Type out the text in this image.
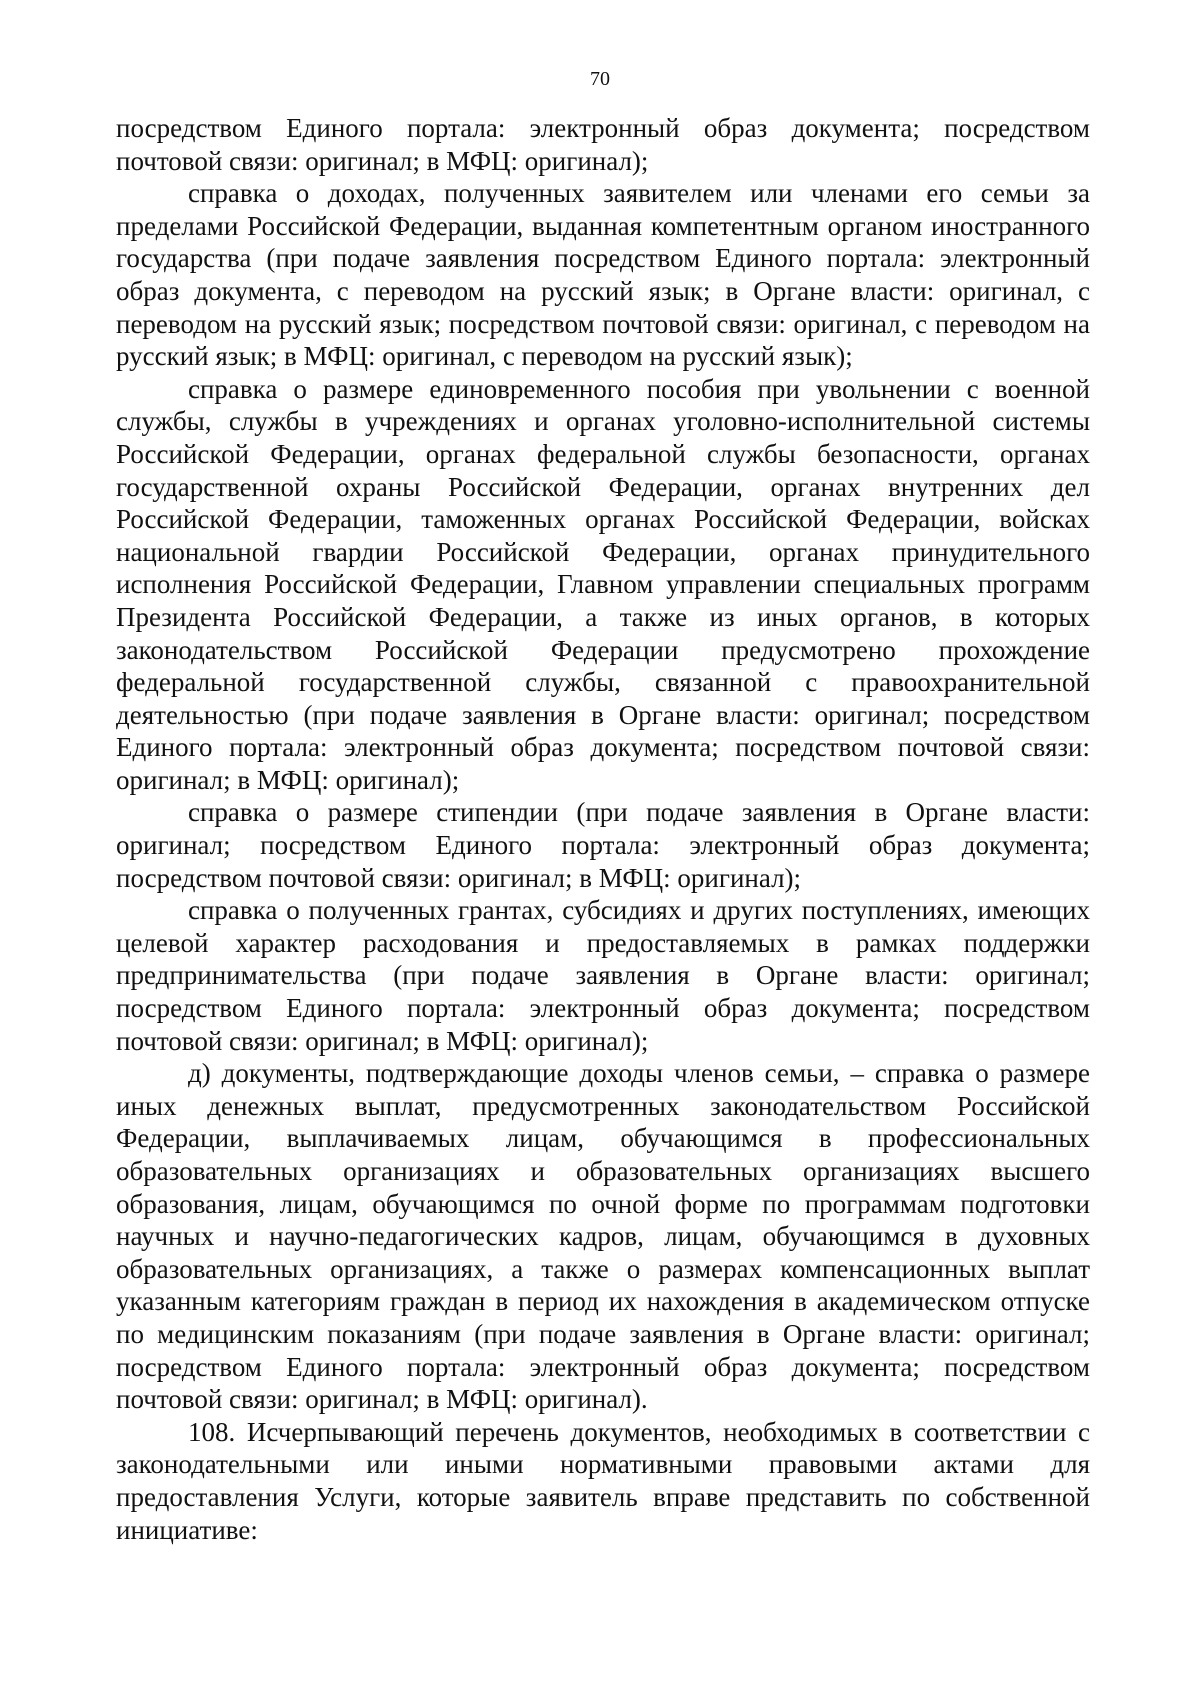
70

посредством Единого портала: электронный образ документа; посредством почтовой связи: оригинал; в МФЦ: оригинал);

справка о доходах, полученных заявителем или членами его семьи за пределами Российской Федерации, выданная компетентным органом иностранного государства (при подаче заявления посредством Единого портала: электронный образ документа, с переводом на русский язык; в Органе власти: оригинал, с переводом на русский язык; посредством почтовой связи: оригинал, с переводом на русский язык; в МФЦ: оригинал, с переводом на русский язык);

справка о размере единовременного пособия при увольнении с военной службы, службы в учреждениях и органах уголовно-исполнительной системы Российской Федерации, органах федеральной службы безопасности, органах государственной охраны Российской Федерации, органах внутренних дел Российской Федерации, таможенных органах Российской Федерации, войсках национальной гвардии Российской Федерации, органах принудительного исполнения Российской Федерации, Главном управлении специальных программ Президента Российской Федерации, а также из иных органов, в которых законодательством Российской Федерации предусмотрено прохождение федеральной государственной службы, связанной с правоохранительной деятельностью (при подаче заявления в Органе власти: оригинал; посредством Единого портала: электронный образ документа; посредством почтовой связи: оригинал; в МФЦ: оригинал);

справка о размере стипендии (при подаче заявления в Органе власти: оригинал; посредством Единого портала: электронный образ документа; посредством почтовой связи: оригинал; в МФЦ: оригинал);

справка о полученных грантах, субсидиях и других поступлениях, имеющих целевой характер расходования и предоставляемых в рамках поддержки предпринимательства (при подаче заявления в Органе власти: оригинал; посредством Единого портала: электронный образ документа; посредством почтовой связи: оригинал; в МФЦ: оригинал);

д) документы, подтверждающие доходы членов семьи, – справка о размере иных денежных выплат, предусмотренных законодательством Российской Федерации, выплачиваемых лицам, обучающимся в профессиональных образовательных организациях и образовательных организациях высшего образования, лицам, обучающимся по очной форме по программам подготовки научных и научно-педагогических кадров, лицам, обучающимся в духовных образовательных организациях, а также о размерах компенсационных выплат указанным категориям граждан в период их нахождения в академическом отпуске по медицинским показаниям (при подаче заявления в Органе власти: оригинал; посредством Единого портала: электронный образ документа; посредством почтовой связи: оригинал; в МФЦ: оригинал).

108. Исчерпывающий перечень документов, необходимых в соответствии с законодательными или иными нормативными правовыми актами для предоставления Услуги, которые заявитель вправе представить по собственной инициативе:
